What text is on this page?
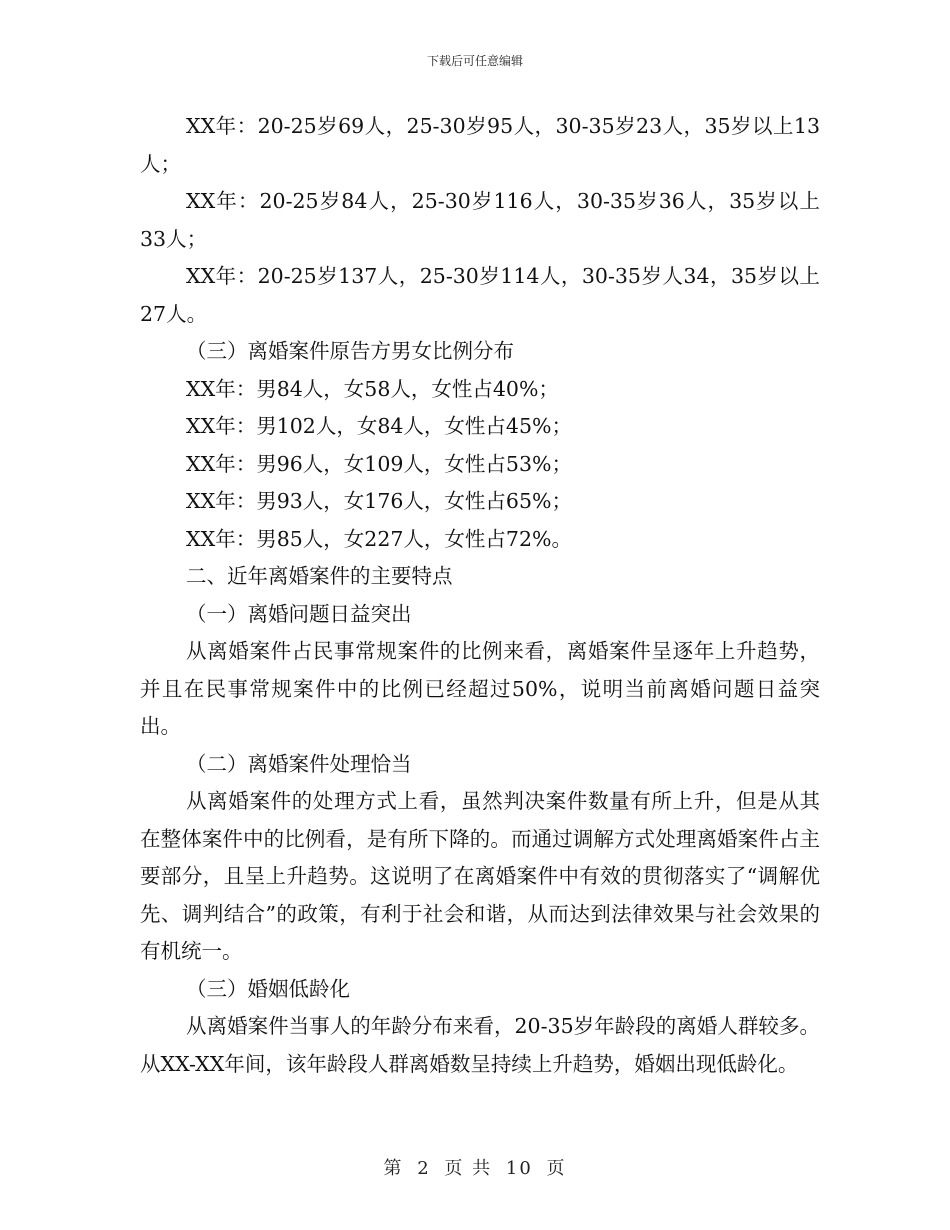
下载后可任意编辑

XX年：20-25岁69人，25-30岁95人，30-35岁23人，35岁以上13人；

XX年：20-25岁84人，25-30岁116人，30-35岁36人，35岁以上33人；

XX年：20-25岁137人，25-30岁114人，30-35岁人34，35岁以上27人。

（三）离婚案件原告方男女比例分布

XX年：男84人，女58人，女性占40%；

XX年：男102人，女84人，女性占45%；

XX年：男96人，女109人，女性占53%；

XX年：男93人，女176人，女性占65%；

XX年：男85人，女227人，女性占72%。

二、近年离婚案件的主要特点

（一）离婚问题日益突出

从离婚案件占民事常规案件的比例来看，离婚案件呈逐年上升趋势，并且在民事常规案件中的比例已经超过50%，说明当前离婚问题日益突出。

（二）离婚案件处理恰当

从离婚案件的处理方式上看，虽然判决案件数量有所上升，但是从其在整体案件中的比例看，是有所下降的。而通过调解方式处理离婚案件占主要部分，且呈上升趋势。这说明了在离婚案件中有效的贯彻落实了“调解优先、调判结合”的政策，有利于社会和谐，从而达到法律效果与社会效果的有机统一。

（三）婚姻低龄化

从离婚案件当事人的年龄分布来看，20-35岁年龄段的离婚人群较多。从XX-XX年间，该年龄段人群离婚数呈持续上升趋势，婚姻出现低龄化。

第 2 页 共 10 页
